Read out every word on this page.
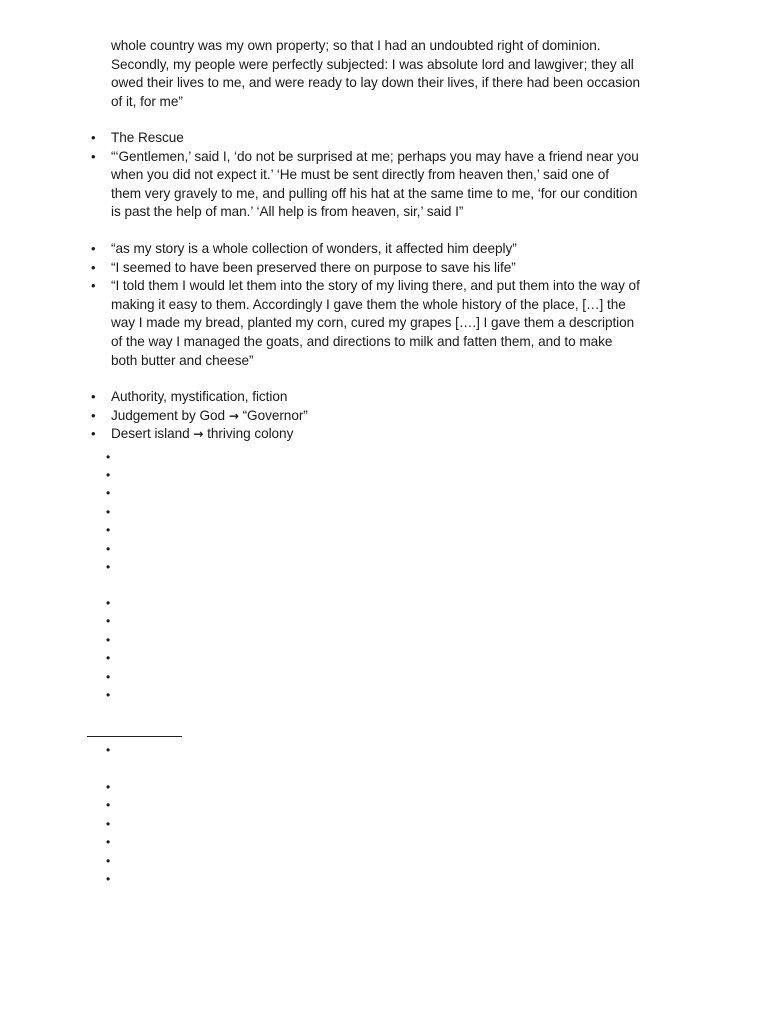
whole country was my own property; so that I had an undoubted right of dominion. Secondly, my people were perfectly subjected: I was absolute lord and lawgiver; they all owed their lives to me, and were ready to lay down their lives, if there had been occasion of it, for me”

• The Rescue
• “‘Gentlemen,’ said I, ‘do not be surprised at me; perhaps you may have a friend near you when you did not expect it.’ ‘He must be sent directly from heaven then,’ said one of them very gravely to me, and pulling off his hat at the same time to me, ‘for our condition is past the help of man.’ ‘All help is from heaven, sir,’ said I”
• “as my story is a whole collection of wonders, it affected him deeply”
• “I seemed to have been preserved there on purpose to save his life”
• “I told them I would let them into the story of my living there, and put them into the way of making it easy to them. Accordingly I gave them the whole history of the place, […] the way I made my bread, planted my corn, cured my grapes [….] I gave them a description of the way I managed the goats, and directions to milk and fatten them, and to make both butter and cheese”
• Authority, mystification, fiction
• Judgement by God → “Governor”
• Desert island → thriving colony
•
•
•
•
•
•
•
•
•
•
•
•
•
•
•
•
•
•
•
•
